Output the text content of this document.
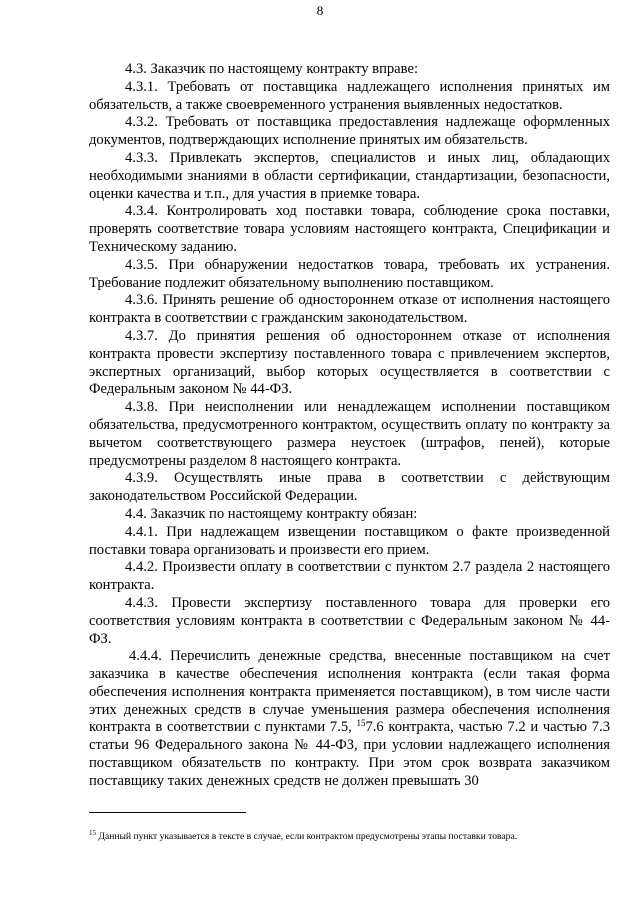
8

4.3. Заказчик по настоящему контракту вправе:

4.3.1. Требовать от поставщика надлежащего исполнения принятых им обязательств, а также своевременного устранения выявленных недостатков.

4.3.2. Требовать от поставщика предоставления надлежаще оформленных документов, подтверждающих исполнение принятых им обязательств.

4.3.3. Привлекать экспертов, специалистов и иных лиц, обладающих необходимыми знаниями в области сертификации, стандартизации, безопасности, оценки качества и т.п., для участия в приемке товара.

4.3.4. Контролировать ход поставки товара, соблюдение срока поставки, проверять соответствие товара условиям настоящего контракта, Спецификации и Техническому заданию.

4.3.5. При обнаружении недостатков товара, требовать их устранения. Требование подлежит обязательному выполнению поставщиком.

4.3.6. Принять решение об одностороннем отказе от исполнения настоящего контракта в соответствии с гражданским законодательством.

4.3.7. До принятия решения об одностороннем отказе от исполнения контракта провести экспертизу поставленного товара с привлечением экспертов, экспертных организаций, выбор которых осуществляется в соответствии с Федеральным законом № 44-ФЗ.

4.3.8. При неисполнении или ненадлежащем исполнении поставщиком обязательства, предусмотренного контрактом, осуществить оплату по контракту за вычетом соответствующего размера неустоек (штрафов, пеней), которые предусмотрены разделом 8 настоящего контракта.

4.3.9. Осуществлять иные права в соответствии с действующим законодательством Российской Федерации.

4.4. Заказчик по настоящему контракту обязан:

4.4.1. При надлежащем извещении поставщиком о факте произведенной поставки товара организовать и произвести его прием.

4.4.2. Произвести оплату в соответствии с пунктом 2.7 раздела 2 настоящего контракта.

4.4.3. Провести экспертизу поставленного товара для проверки его соответствия условиям контракта в соответствии с Федеральным законом № 44-ФЗ.

4.4.4. Перечислить денежные средства, внесенные поставщиком на счет заказчика в качестве обеспечения исполнения контракта (если такая форма обеспечения исполнения контракта применяется поставщиком), в том числе части этих денежных средств в случае уменьшения размера обеспечения исполнения контракта в соответствии с пунктами 7.5, $^{15}$7.6 контракта, частью 7.2 и частью 7.3 статьи 96 Федерального закона № 44-ФЗ, при условии надлежащего исполнения поставщиком обязательств по контракту. При этом срок возврата заказчиком поставщику таких денежных средств не должен превышать 30

$^{15}$ Данный пункт указывается в тексте в случае, если контрактом предусмотрены этапы поставки товара.
